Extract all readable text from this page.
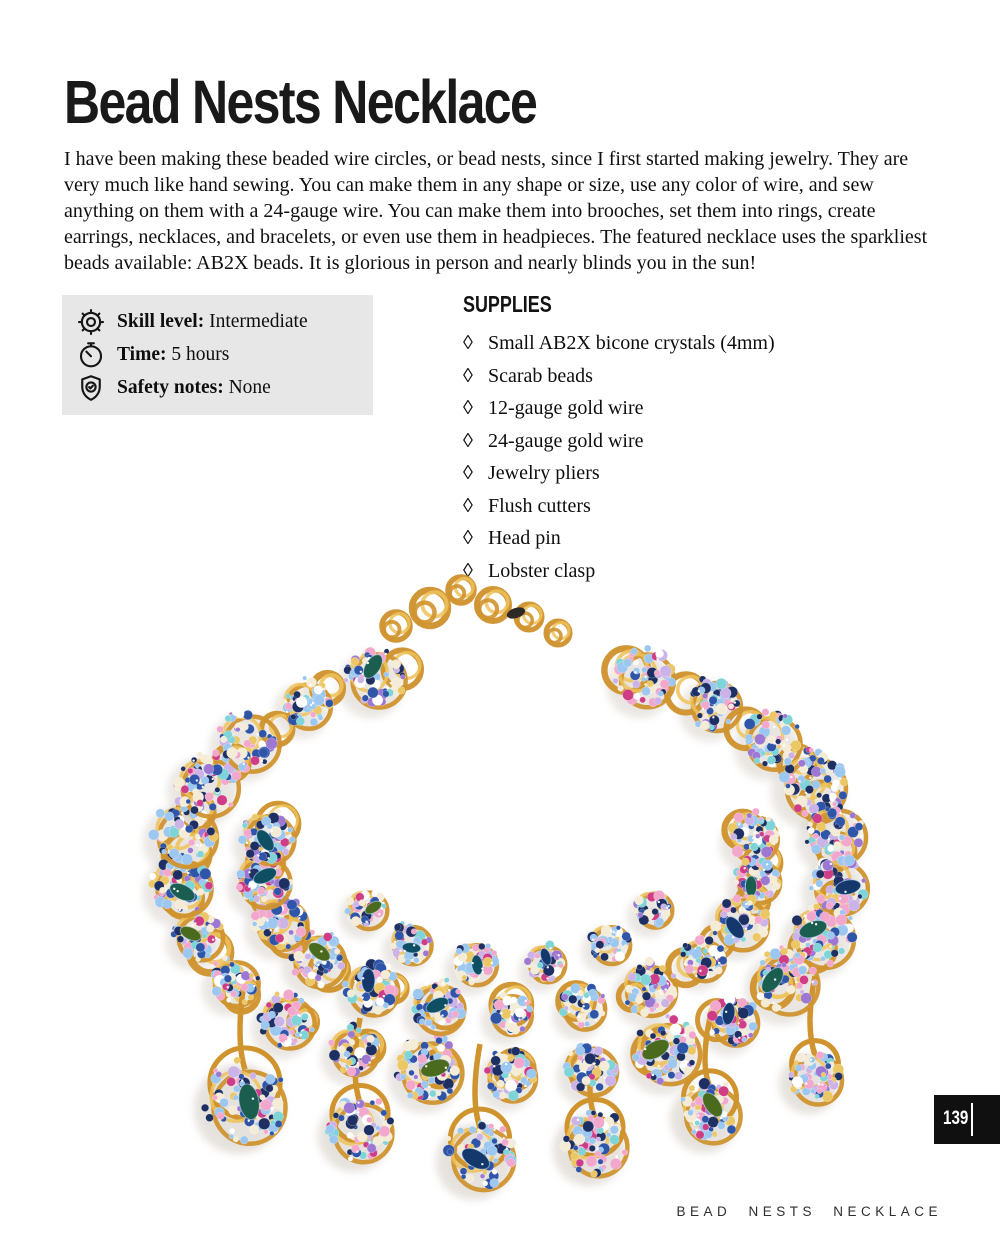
Bead Nests Necklace

I have been making these beaded wire circles, or bead nests, since I first started making jewelry. They are very much like hand sewing. You can make them in any shape or size, use any color of wire, and sew anything on them with a 24-gauge wire. You can make them into brooches, set them into rings, create earrings, necklaces, and bracelets, or even use them in headpieces. The featured necklace uses the sparkliest beads available: AB2X beads. It is glorious in person and nearly blinds you in the sun!

Skill level: Intermediate
Time: 5 hours
Safety notes: None
SUPPLIES
◊ Small AB2X bicone crystals (4mm)
◊ Scarab beads
◊ 12-gauge gold wire
◊ 24-gauge gold wire
◊ Jewelry pliers
◊ Flush cutters
◊ Head pin
◊ Lobster clasp
139
BEAD NESTS NECKLACE
